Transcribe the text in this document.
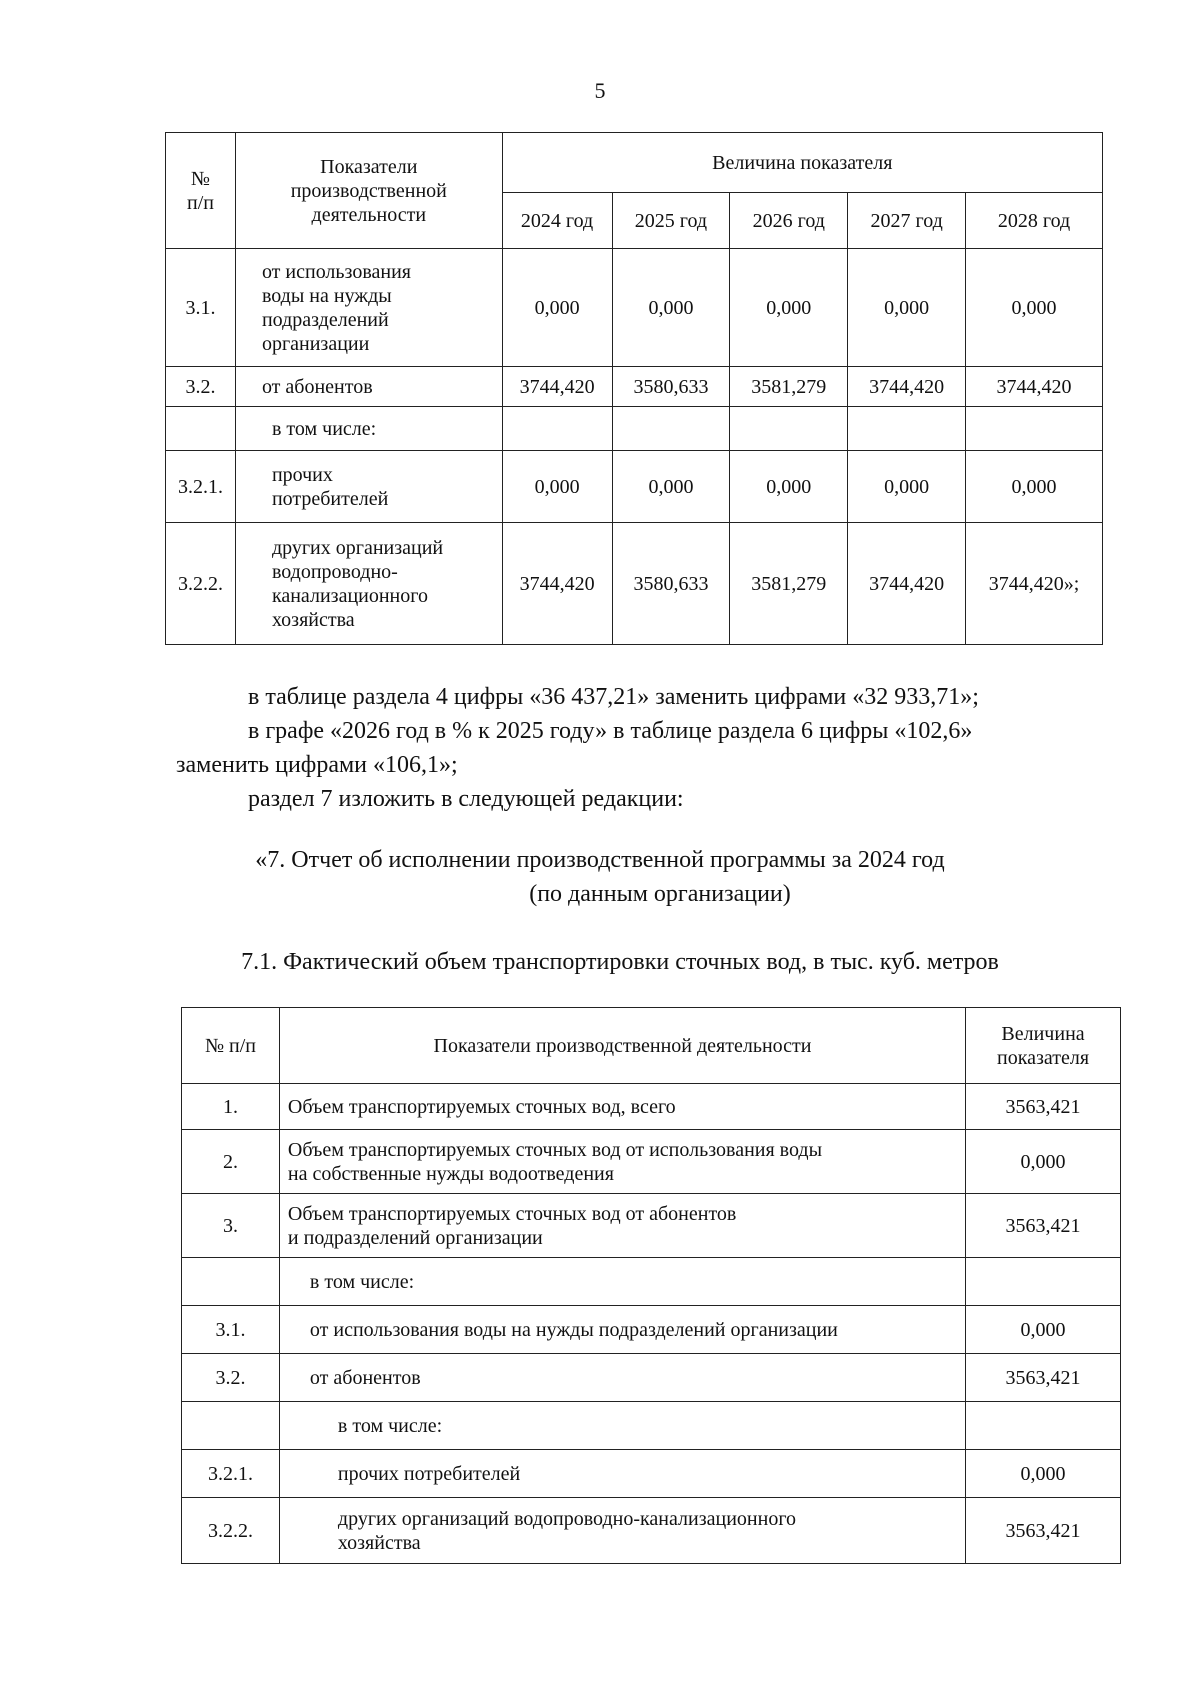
5
№
п/п	Показатели
производственной
деятельности	Величина показателя				
		2024 год	2025 год	2026 год	2027 год	2028 год
3.1.	от использования
воды на нужды
подразделений
организации	0,000	0,000	0,000	0,000	0,000
3.2.	от абонентов	3744,420	3580,633	3581,279	3744,420	3744,420
	в том числе:					
3.2.1.	прочих
потребителей	0,000	0,000	0,000	0,000	0,000
3.2.2.	других организаций
водопроводно-
канализационного
хозяйства	3744,420	3580,633	3581,279	3744,420	3744,420»;
в таблице раздела 4 цифры «36 437,21» заменить цифрами «32 933,71»;
в графе «2026 год в % к 2025 году» в таблице раздела 6 цифры «102,6»
заменить цифрами «106,1»;
раздел 7 изложить в следующей редакции:
«7. Отчет об исполнении производственной программы за 2024 год
(по данным организации)
7.1. Фактический объем транспортировки сточных вод, в тыс. куб. метров
№ п/п	Показатели производственной деятельности	Величина
показателя
1.	Объем транспортируемых сточных вод, всего	3563,421
2.	Объем транспортируемых сточных вод от использования воды
на собственные нужды водоотведения	0,000
3.	Объем транспортируемых сточных вод от абонентов
и подразделений организации	3563,421
	в том числе:	
3.1.	от использования воды на нужды подразделений организации	0,000
3.2.	от абонентов	3563,421
	в том числе:	
3.2.1.	прочих потребителей	0,000
3.2.2.	других организаций водопроводно-канализационного
хозяйства	3563,421
